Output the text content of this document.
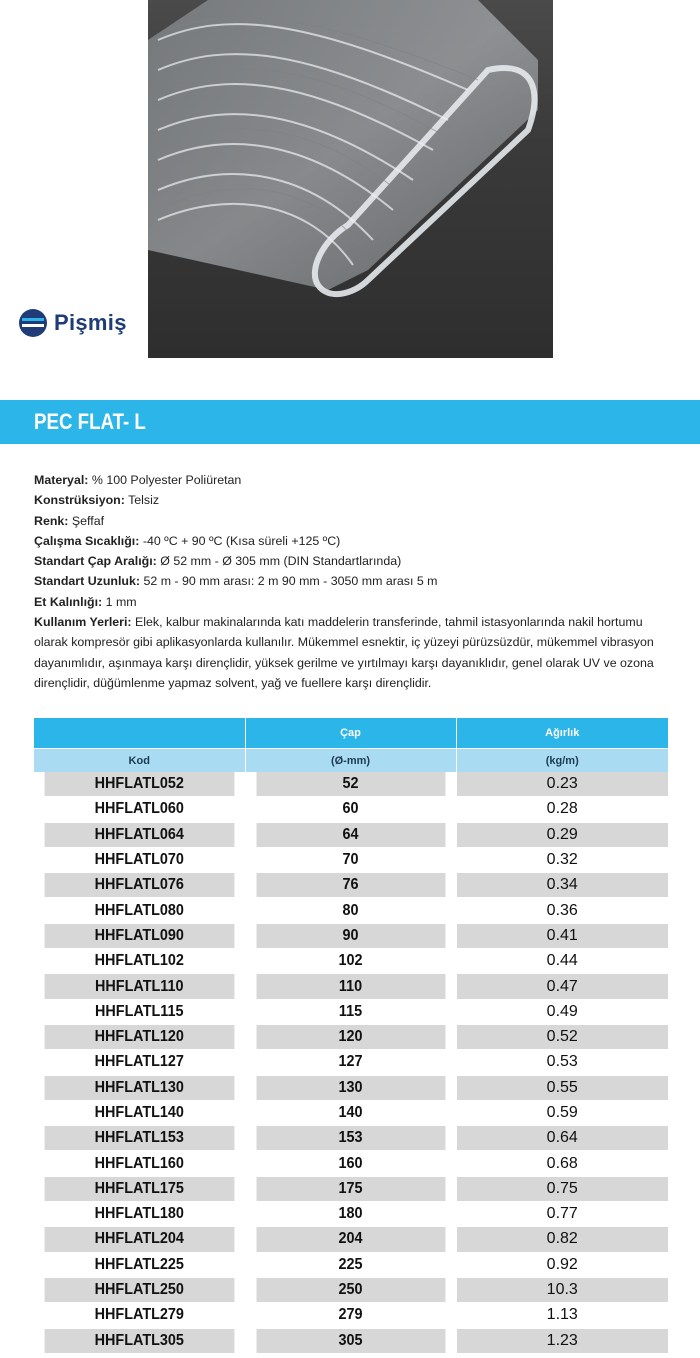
Pişmiş
PEC FLAT- L
Materyal: % 100 Polyester Poliüretan
Konstrüksiyon: Telsiz
Renk: Şeffaf
Çalışma Sıcaklığı: -40 ºC + 90 ºC (Kısa süreli +125 ºC)
Standart Çap Aralığı: Ø 52 mm - Ø 305 mm (DIN Standartlarında)
Standart Uzunluk: 52 m - 90 mm arası: 2 m 90 mm - 3050 mm arası 5 m
Et Kalınlığı: 1 mm
Kullanım Yerleri: Elek, kalbur makinalarında katı maddelerin transferinde, tahmil istasyonlarında nakil hortumu olarak kompresör gibi aplikasyonlarda kullanılır. Mükemmel esnektir, iç yüzeyi pürüzsüzdür, mükemmel vibrasyon dayanımlıdır, aşınmaya karşı dirençlidir, yüksek gerilme ve yırtılmayı karşı dayanıklıdır, genel olarak UV ve ozona dirençlidir, düğümlenme yapmaz solvent, yağ ve fuellere karşı dirençlidir.
	Çap	Ağırlık
Kod	(Ø-mm)	(kg/m)
HHFLATL052	52	0.23
HHFLATL060	60	0.28
HHFLATL064	64	0.29
HHFLATL070	70	0.32
HHFLATL076	76	0.34
HHFLATL080	80	0.36
HHFLATL090	90	0.41
HHFLATL102	102	0.44
HHFLATL110	110	0.47
HHFLATL115	115	0.49
HHFLATL120	120	0.52
HHFLATL127	127	0.53
HHFLATL130	130	0.55
HHFLATL140	140	0.59
HHFLATL153	153	0.64
HHFLATL160	160	0.68
HHFLATL175	175	0.75
HHFLATL180	180	0.77
HHFLATL204	204	0.82
HHFLATL225	225	0.92
HHFLATL250	250	10.3
HHFLATL279	279	1.13
HHFLATL305	305	1.23
